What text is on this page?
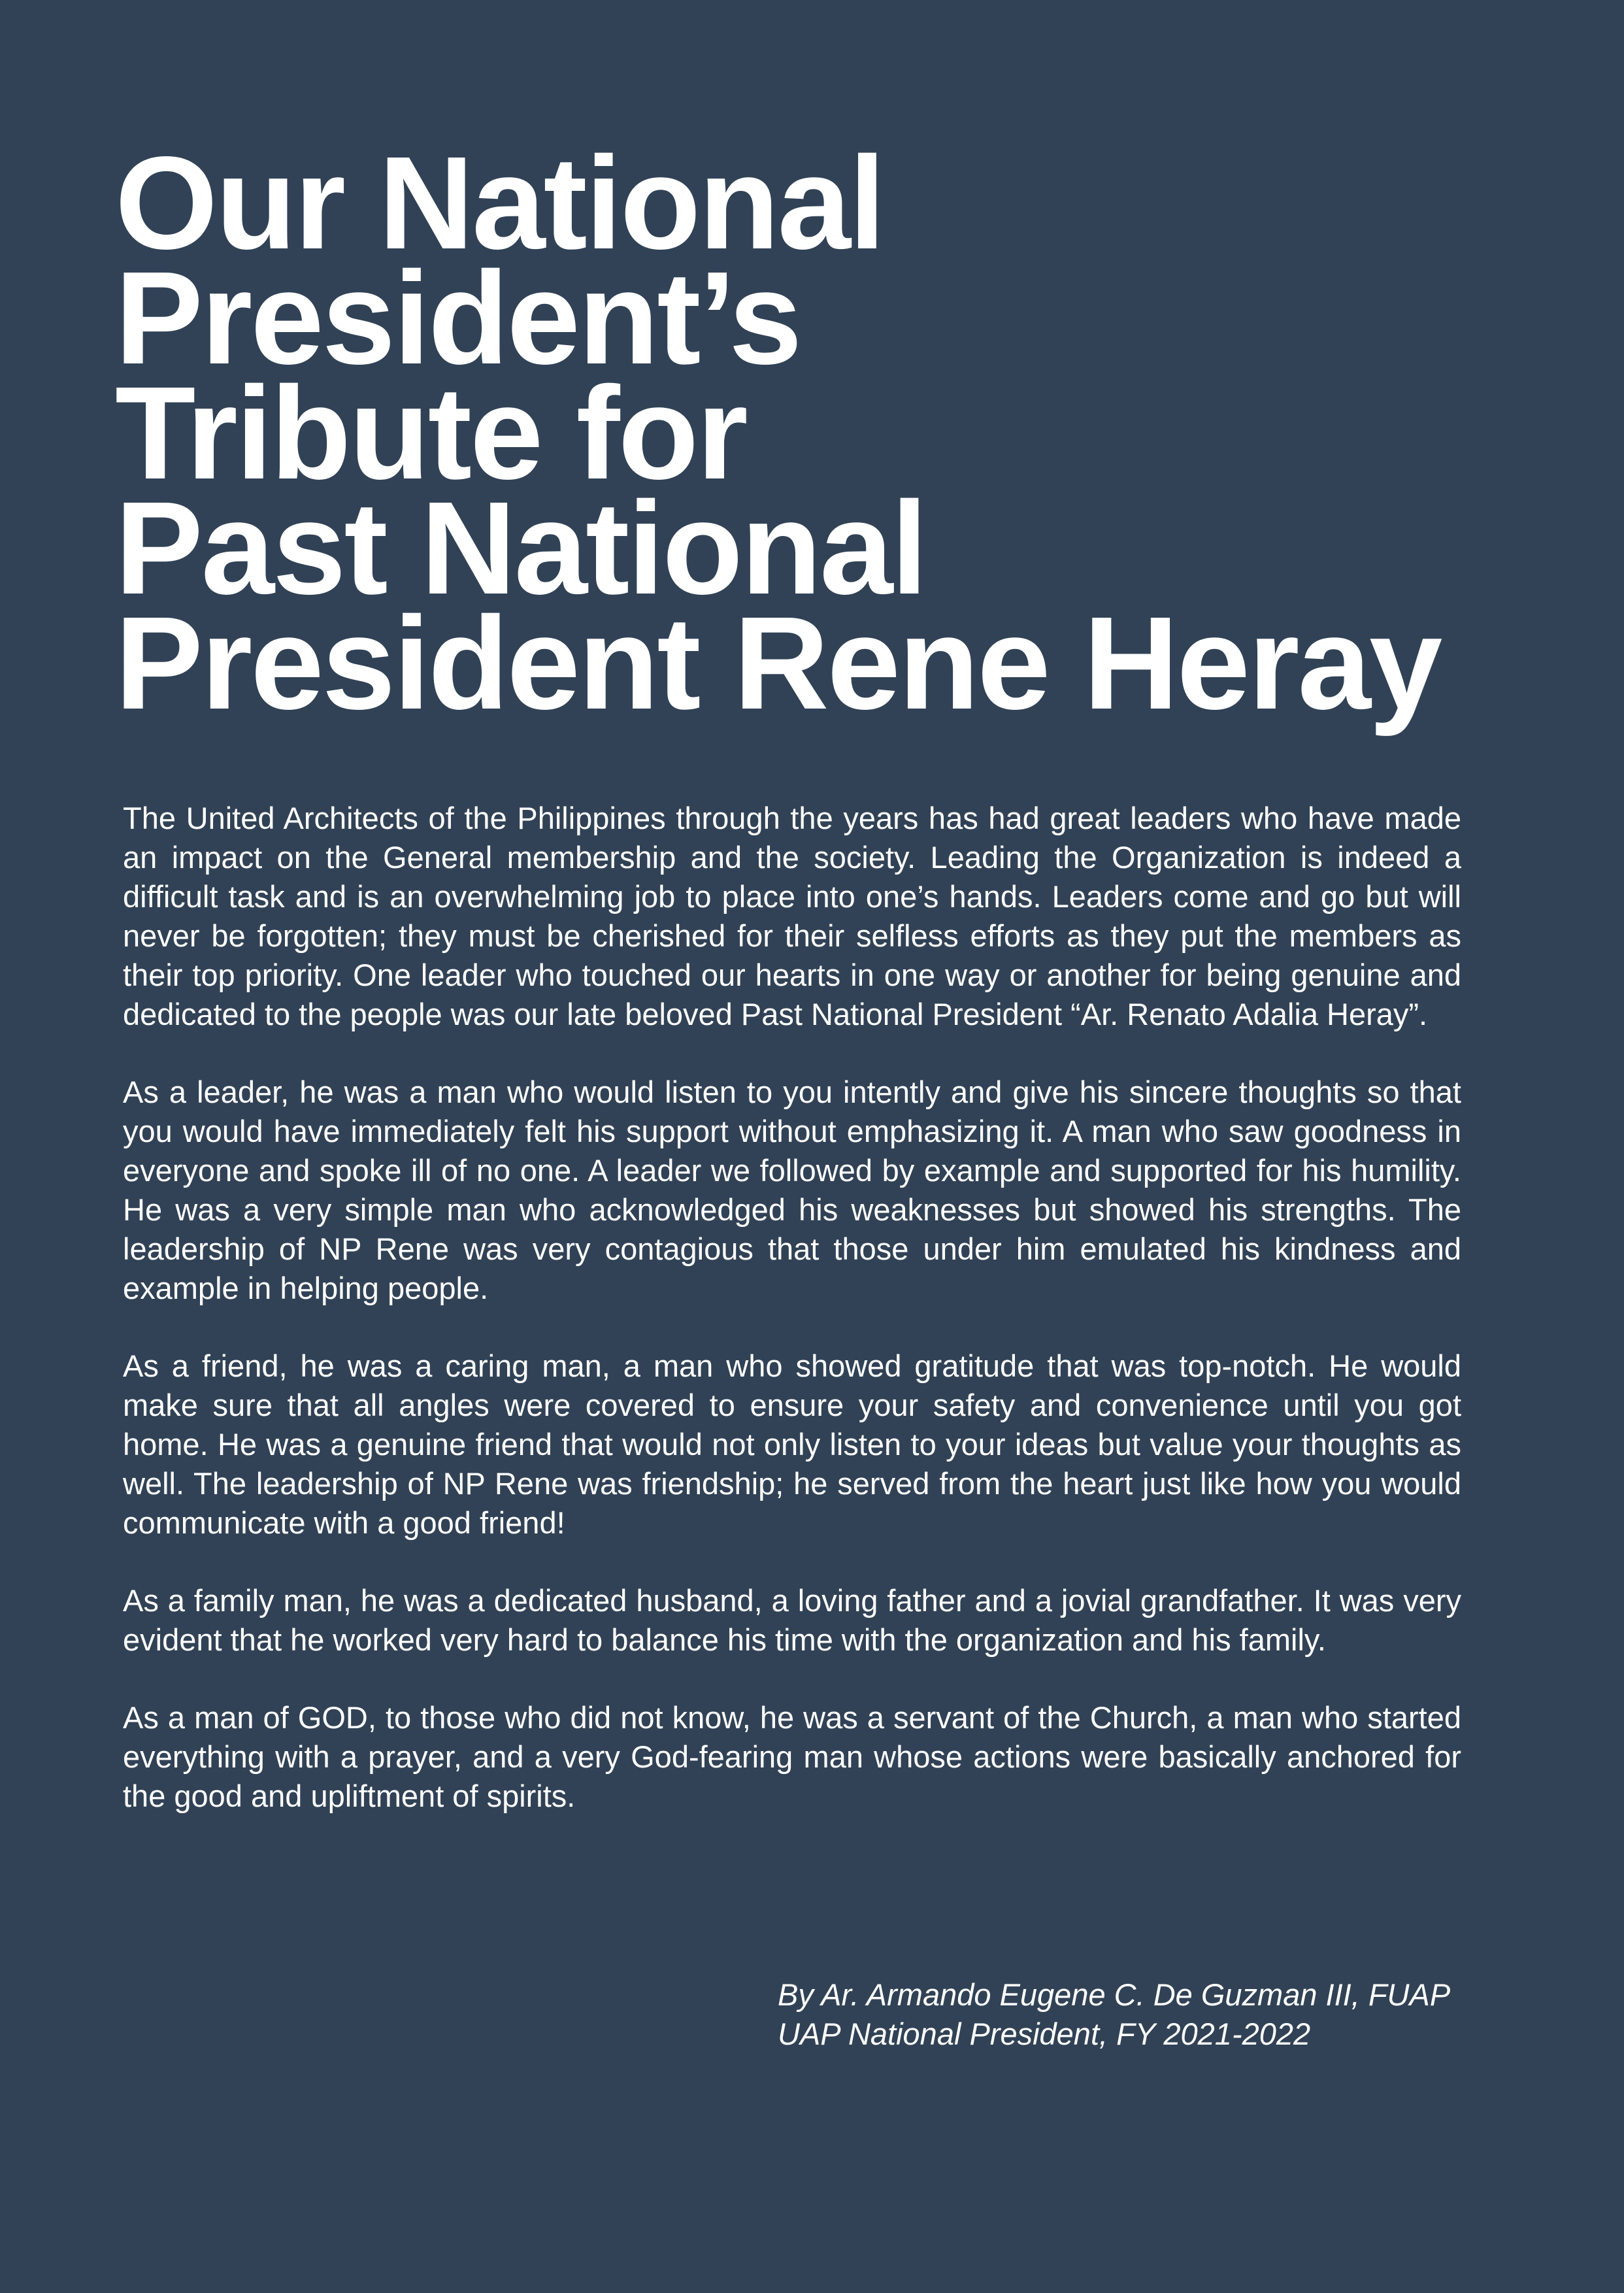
Our National
President’s
Tribute for
Past National
President Rene Heray

The United Architects of the Philippines through the years has had great leaders who have made an impact on the General membership and the society. Leading the Organization is indeed a difficult task and is an overwhelming job to place into one’s hands. Leaders come and go but will never be forgotten; they must be cherished for their selfless efforts as they put the members as their top priority. One leader who touched our hearts in one way or another for being genuine and dedicated to the people was our late beloved Past National President “Ar. Renato Adalia Heray”.

As a leader, he was a man who would listen to you intently and give his sincere thoughts so that you would have immediately felt his support without emphasizing it. A man who saw goodness in everyone and spoke ill of no one. A leader we followed by example and supported for his humility. He was a very simple man who acknowledged his weaknesses but showed his strengths. The leadership of NP Rene was very contagious that those under him emulated his kindness and example in helping people.

As a friend, he was a caring man, a man who showed gratitude that was top-notch. He would make sure that all angles were covered to ensure your safety and convenience until you got home. He was a genuine friend that would not only listen to your ideas but value your thoughts as well. The leadership of NP Rene was friendship; he served from the heart just like how you would communicate with a good friend!

As a family man, he was a dedicated husband, a loving father and a jovial grandfather. It was very evident that he worked very hard to balance his time with the organization and his family.

As a man of GOD, to those who did not know, he was a servant of the Church, a man who started everything with a prayer, and a very God-fearing man whose actions were basically anchored for the good and upliftment of spirits.

By Ar. Armando Eugene C. De Guzman III, FUAP
UAP National President, FY 2021-2022
